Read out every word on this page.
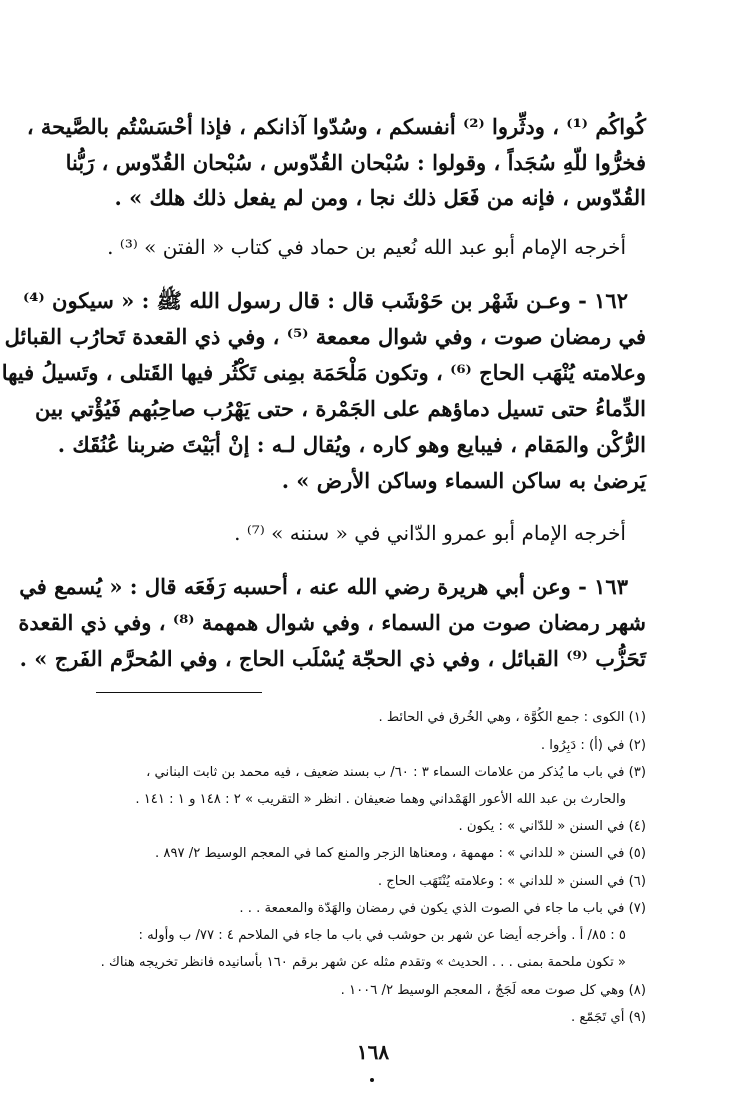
كُواكُم ⁽¹⁾ ، ودثِّروا ⁽²⁾ أنفسكم ، وسُدّوا آذانكم ، فإذا أحْسَسْتُم بالصَّيحة ،
فخرُّوا للّهِ سُجَداً ، وقولوا : سُبْحان القُدّوس ، سُبْحان القُدّوس ، رَبُّنا
القُدّوس ، فإنه من فَعَل ذلك نجا ، ومن لم يفعل ذلك هلك » .
أخرجه الإمام أبو عبد الله نُعيم بن حماد في كتاب « الفتن » ⁽³⁾ .
١٦٢ - وعـن شَهْر بن حَوْشَب قال : قال رسول الله ﷺ : « سيكون ⁽⁴⁾
في رمضان صوت ، وفي شوال معمعة ⁽⁵⁾ ، وفي ذي القعدة تَحارُب القبائل
وعلامته يُنْهَب الحاج ⁽⁶⁾ ، وتكون مَلْحَمَة بمِنى تَكْثُر فيها القَتلى ، وتَسيلُ فيها
الدِّماءُ حتى تسيل دماؤهم على الجَمْرة ، حتى يَهْرُب صاحِبُهم فَيُؤْتي بين
الرُّكْن والمَقام ، فيبايع وهو كاره ، ويُقال لـه : إنْ أبَيْتَ ضربنا عُنُقَك .
يَرضىٰ به ساكن السماء وساكن الأرض » .
أخرجه الإمام أبو عمرو الدّاني في « سننه » ⁽⁷⁾ .
١٦٣ - وعن أبي هريرة رضي الله عنه ، أحسبه رَفَعَه قال : « يُسمع في
شهر رمضان صوت من السماء ، وفي شوال همهمة ⁽⁸⁾ ، وفي ذي القعدة
تَحَزُّب ⁽⁹⁾ القبائل ، وفي ذي الحجّة يُسْلَب الحاج ، وفي المُحرَّم الفَرج » .
(١) الكوى : جمع الكُوَّة ، وهي الخُرق في الحائط .
(٢) في (أ) : دَبِرُوا .
(٣) في باب ما يُذكر من علامات السماء ٣ : ٦٠/ ب بسند ضعيف ، فيه محمد بن ثابت البناني ،
والحارث بن عبد الله الأعور الهَمْداني وهما ضعيفان . انظر « التقريب » ٢ : ١٤٨ و ١ : ١٤١ .
(٤) في السنن « للدّاني » : يكون .
(٥) في السنن « للداني » : مهمهة ، ومعناها الزجر والمنع كما في المعجم الوسيط ٢/ ٨٩٧ .
(٦) في السنن « للداني » : وعلامته يُنْتَهَب الحاج .
(٧) في باب ما جاء في الصوت الذي يكون في رمضان والهَدّة والمعمعة . . .
٥ : ٨٥/ أ . وأخرجه أيضا عن شهر بن حوشب في باب ما جاء في الملاحم ٤ : ٧٧/ ب وأوله :
« تكون ملحمة بمنى . . . الحديث » وتقدم مثله عن شهر برقم ١٦٠ بأسانيده فانظر تخريجه هناك .
(٨) وهي كل صوت معه لَجَجٌ ، المعجم الوسيط ٢/ ١٠٠٦ .
(٩) أي تَجَمّع .
١٦٨
